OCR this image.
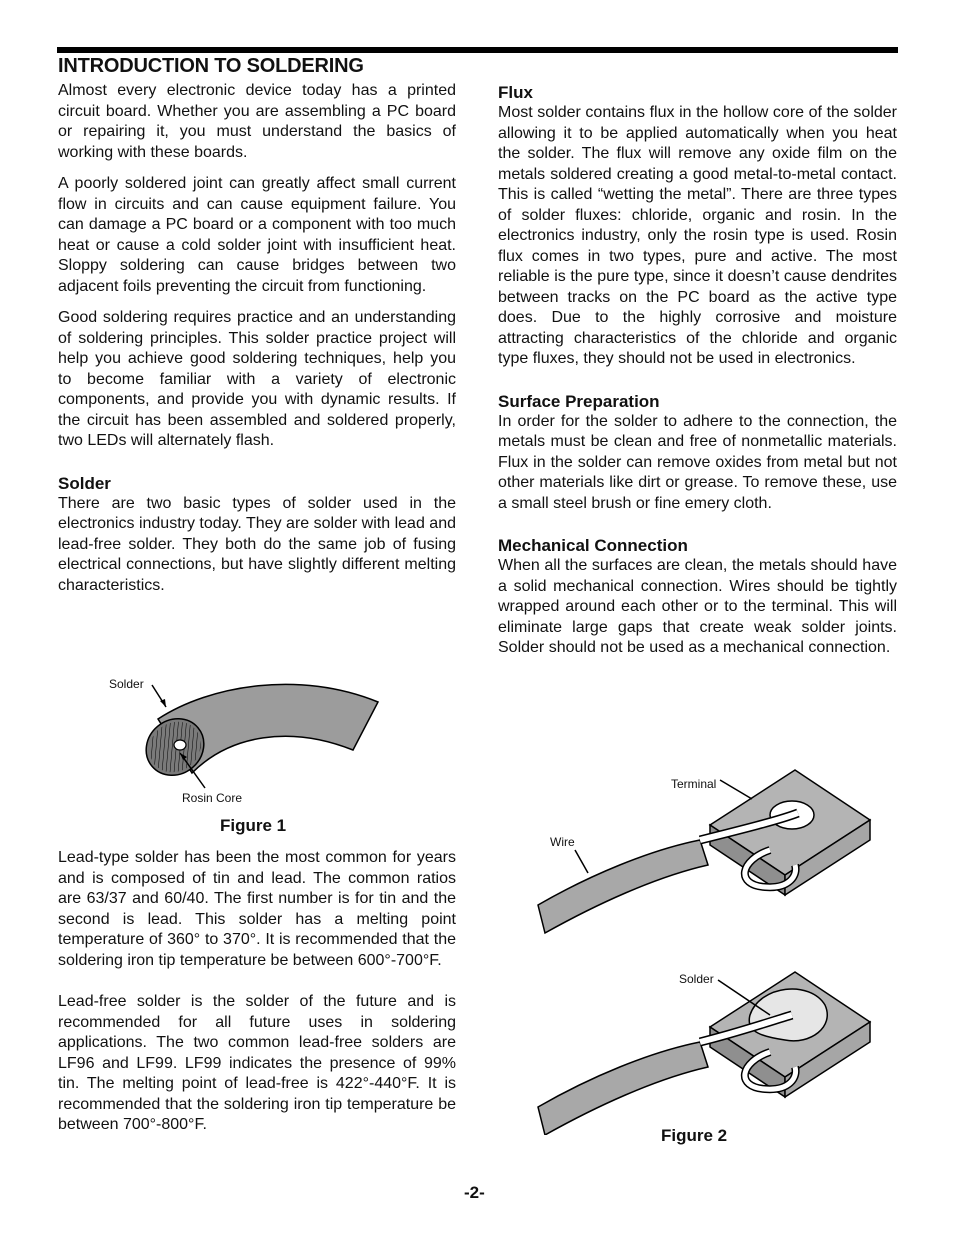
INTRODUCTION TO SOLDERING

Almost every electronic device today has a printed circuit board. Whether you are assembling a PC board or repairing it, you must understand the basics of working with these boards.

A poorly soldered joint can greatly affect small current flow in circuits and can cause equipment failure. You can damage a PC board or a component with too much heat or cause a cold solder joint with insufficient heat. Sloppy soldering can cause bridges between two adjacent foils preventing the circuit from functioning.

Good soldering requires practice and an understanding of soldering principles. This solder practice project will help you achieve good soldering techniques, help you to become familiar with a variety of electronic components, and provide you with dynamic results. If the circuit has been assembled and soldered properly, two LEDs will alternately flash.

Solder

There are two basic types of solder used in the electronics industry today. They are solder with lead and lead-free solder. They both do the same job of fusing electrical connections, but have slightly different melting characteristics.

Solder
Rosin Core
Figure 1

Lead-type solder has been the most common for years and is composed of tin and lead. The common ratios are 63/37 and 60/40. The first number is for tin and the second is lead. This solder has a melting point temperature of 360° to 370°. It is recommended that the soldering iron tip temperature be between 600°-700°F.

Lead-free solder is the solder of the future and is recommended for all future uses in soldering applications. The two common lead-free solders are LF96 and LF99. LF99 indicates the presence of 99% tin. The melting point of lead-free is 422°-440°F. It is recommended that the soldering iron tip temperature be between 700°-800°F.

Flux

Most solder contains flux in the hollow core of the solder allowing it to be applied automatically when you heat the solder. The flux will remove any oxide film on the metals soldered creating a good metal-to-metal contact. This is called “wetting the metal”. There are three types of solder fluxes: chloride, organic and rosin. In the electronics industry, only the rosin type is used. Rosin flux comes in two types, pure and active. The most reliable is the pure type, since it doesn’t cause dendrites between tracks on the PC board as the active type does. Due to the highly corrosive and moisture attracting characteristics of the chloride and organic type fluxes, they should not be used in electronics.

Surface Preparation

In order for the solder to adhere to the connection, the metals must be clean and free of nonmetallic materials. Flux in the solder can remove oxides from metal but not other materials like dirt or grease. To remove these, use a small steel brush or fine emery cloth.

Mechanical Connection

When all the surfaces are clean, the metals should have a solid mechanical connection. Wires should be tightly wrapped around each other or to the terminal. This will eliminate large gaps that create weak solder joints. Solder should not be used as a mechanical connection.

Terminal
Wire
Solder
Figure 2
-2-
